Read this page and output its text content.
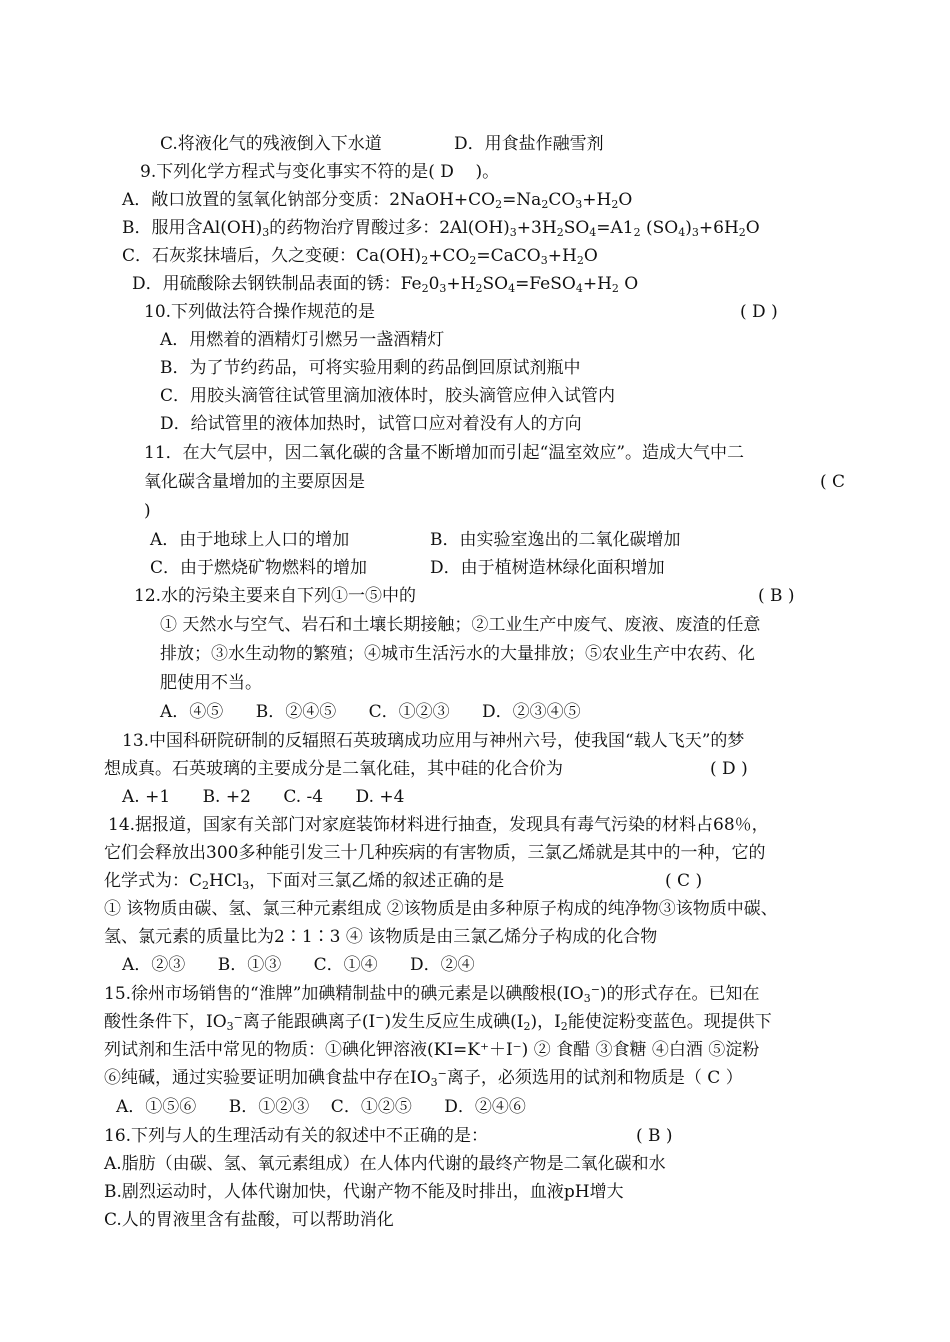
C.将液化气的残液倒入下水道	D．用食盐作融雪剂
9.下列化学方程式与变化事实不符的是( D )。
A．敞口放置的氢氧化钠部分变质：$2NaOH+CO_2=Na_2CO_3+H_2O$
B．服用含$Al(OH)_3$的药物治疗胃酸过多：$2Al(OH)_3+3H_2SO_4=A1_2$ $(SO_4)_3+6H_2O$
C．石灰浆抹墙后，久之变硬：$Ca(OH)_2+CO_2=CaCO_3+H_2O$
D．用硫酸除去钢铁制品表面的锈：$Fe_20_3+H_2SO_4=FeSO_4+H_2$ O
10.下列做法符合操作规范的是	( D )
A．用燃着的酒精灯引燃另一盏酒精灯
B．为了节约药品，可将实验用剩的药品倒回原试剂瓶中
C．用胶头滴管往试管里滴加液体时，胶头滴管应伸入试管内
D．给试管里的液体加热时，试管口应对着没有人的方向
11．在大气层中，因二氧化碳的含量不断增加而引起“温室效应”。造成大气中二
氧化碳含量增加的主要原因是	( C
)
A．由于地球上人口的增加	B．由实验室逸出的二氧化碳增加
C．由于燃烧矿物燃料的增加	D．由于植树造林绿化面积增加
12.水的污染主要来自下列①一⑤中的	( B )
① 天然水与空气、岩石和土壤长期接触；②工业生产中废气、废液、废渣的任意
排放；③水生动物的繁殖；④城市生活污水的大量排放；⑤农业生产中农药、化
肥使用不当。
A．④⑤      B．②④⑤      C．①②③      D．②③④⑤
13.中国科研院研制的反辐照石英玻璃成功应用与神州六号，使我国“载人飞天”的梦
想成真。石英玻璃的主要成分是二氧化硅，其中硅的化合价为	( D )
A. +1      B. +2      C. -4      D. +4
14.据报道，国家有关部门对家庭装饰材料进行抽查，发现具有毒气污染的材料占68％，
它们会释放出300多种能引发三十几种疾病的有害物质，三氯乙烯就是其中的一种，它的
化学式为：$C_2HCl_3$，下面对三氯乙烯的叙述正确的是	( C )
① 该物质由碳、氢、氯三种元素组成 ②该物质是由多种原子构成的纯净物③该物质中碳、
氢、氯元素的质量比为2∶1∶3 ④ 该物质是由三氯乙烯分子构成的化合物
A．②③      B．①③      C．①④      D．②④
15.徐州市场销售的“淮牌”加碘精制盐中的碘元素是以碘酸根$(IO_3^-)$的形式存在。已知在
酸性条件下，$IO_3^-$离子能跟碘离子(I−)发生反应生成碘$(I_2)$，$I_2$能使淀粉变蓝色。现提供下
列试剂和生活中常见的物质：①碘化钾溶液(KI=K⁺＋I⁻) ② 食醋 ③食糖 ④白酒 ⑤淀粉
⑥纯碱，通过实验要证明加碘食盐中存在$IO_3^-$离子，必须选用的试剂和物质是（ C ）
A．①⑤⑥      B．①②③    C．①②⑤      D．②④⑥
16.下列与人的生理活动有关的叙述中不正确的是：	( B )
A.脂肪（由碳、氢、氧元素组成）在人体内代谢的最终产物是二氧化碳和水
B.剧烈运动时，人体代谢加快，代谢产物不能及时排出，血液pH增大
C.人的胃液里含有盐酸，可以帮助消化
